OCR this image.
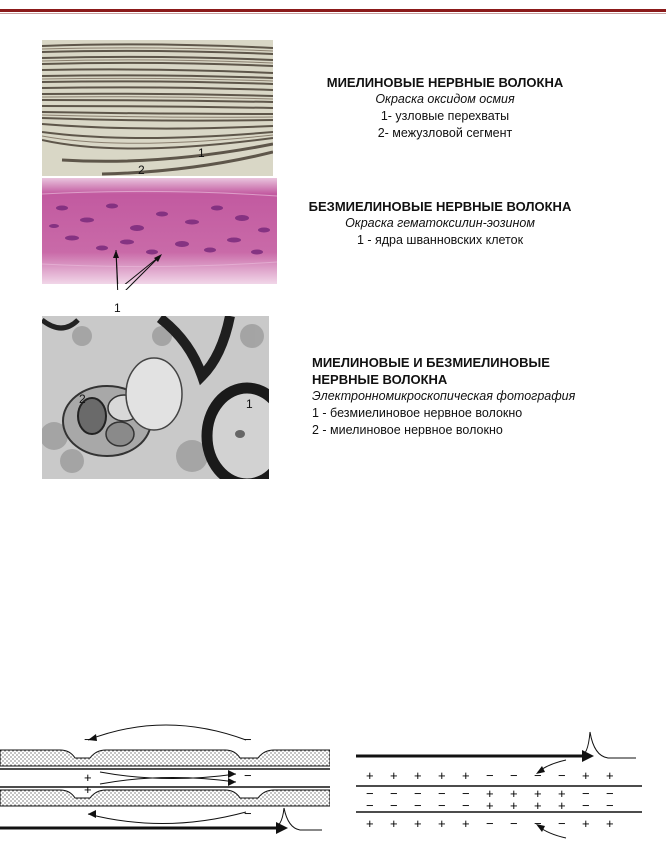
1
2
МИЕЛИНОВЫЕ НЕРВНЫЕ ВОЛОКНА
Окраска оксидом осмия
1- узловые перехваты
2- межузловой сегмент
1
БЕЗМИЕЛИНОВЫЕ НЕРВНЫЕ ВОЛОКНА
Окраска гематоксилин-эозином
1 - ядра шванновских клеток
2	1
МИЕЛИНОВЫЕ И БЕЗМИЕЛИНОВЫЕ
НЕРВНЫЕ ВОЛОКНА
Электронномикроскопическая фотография
1 - безмиелиновое нервное волокно
2 - миелиновое нервное волокно
−	−
+
+
−
−
+ + + + + − − − − + +
− − − − − + + + + − −
− − − − − + + + + − −
+ + + + + − − − − + +
